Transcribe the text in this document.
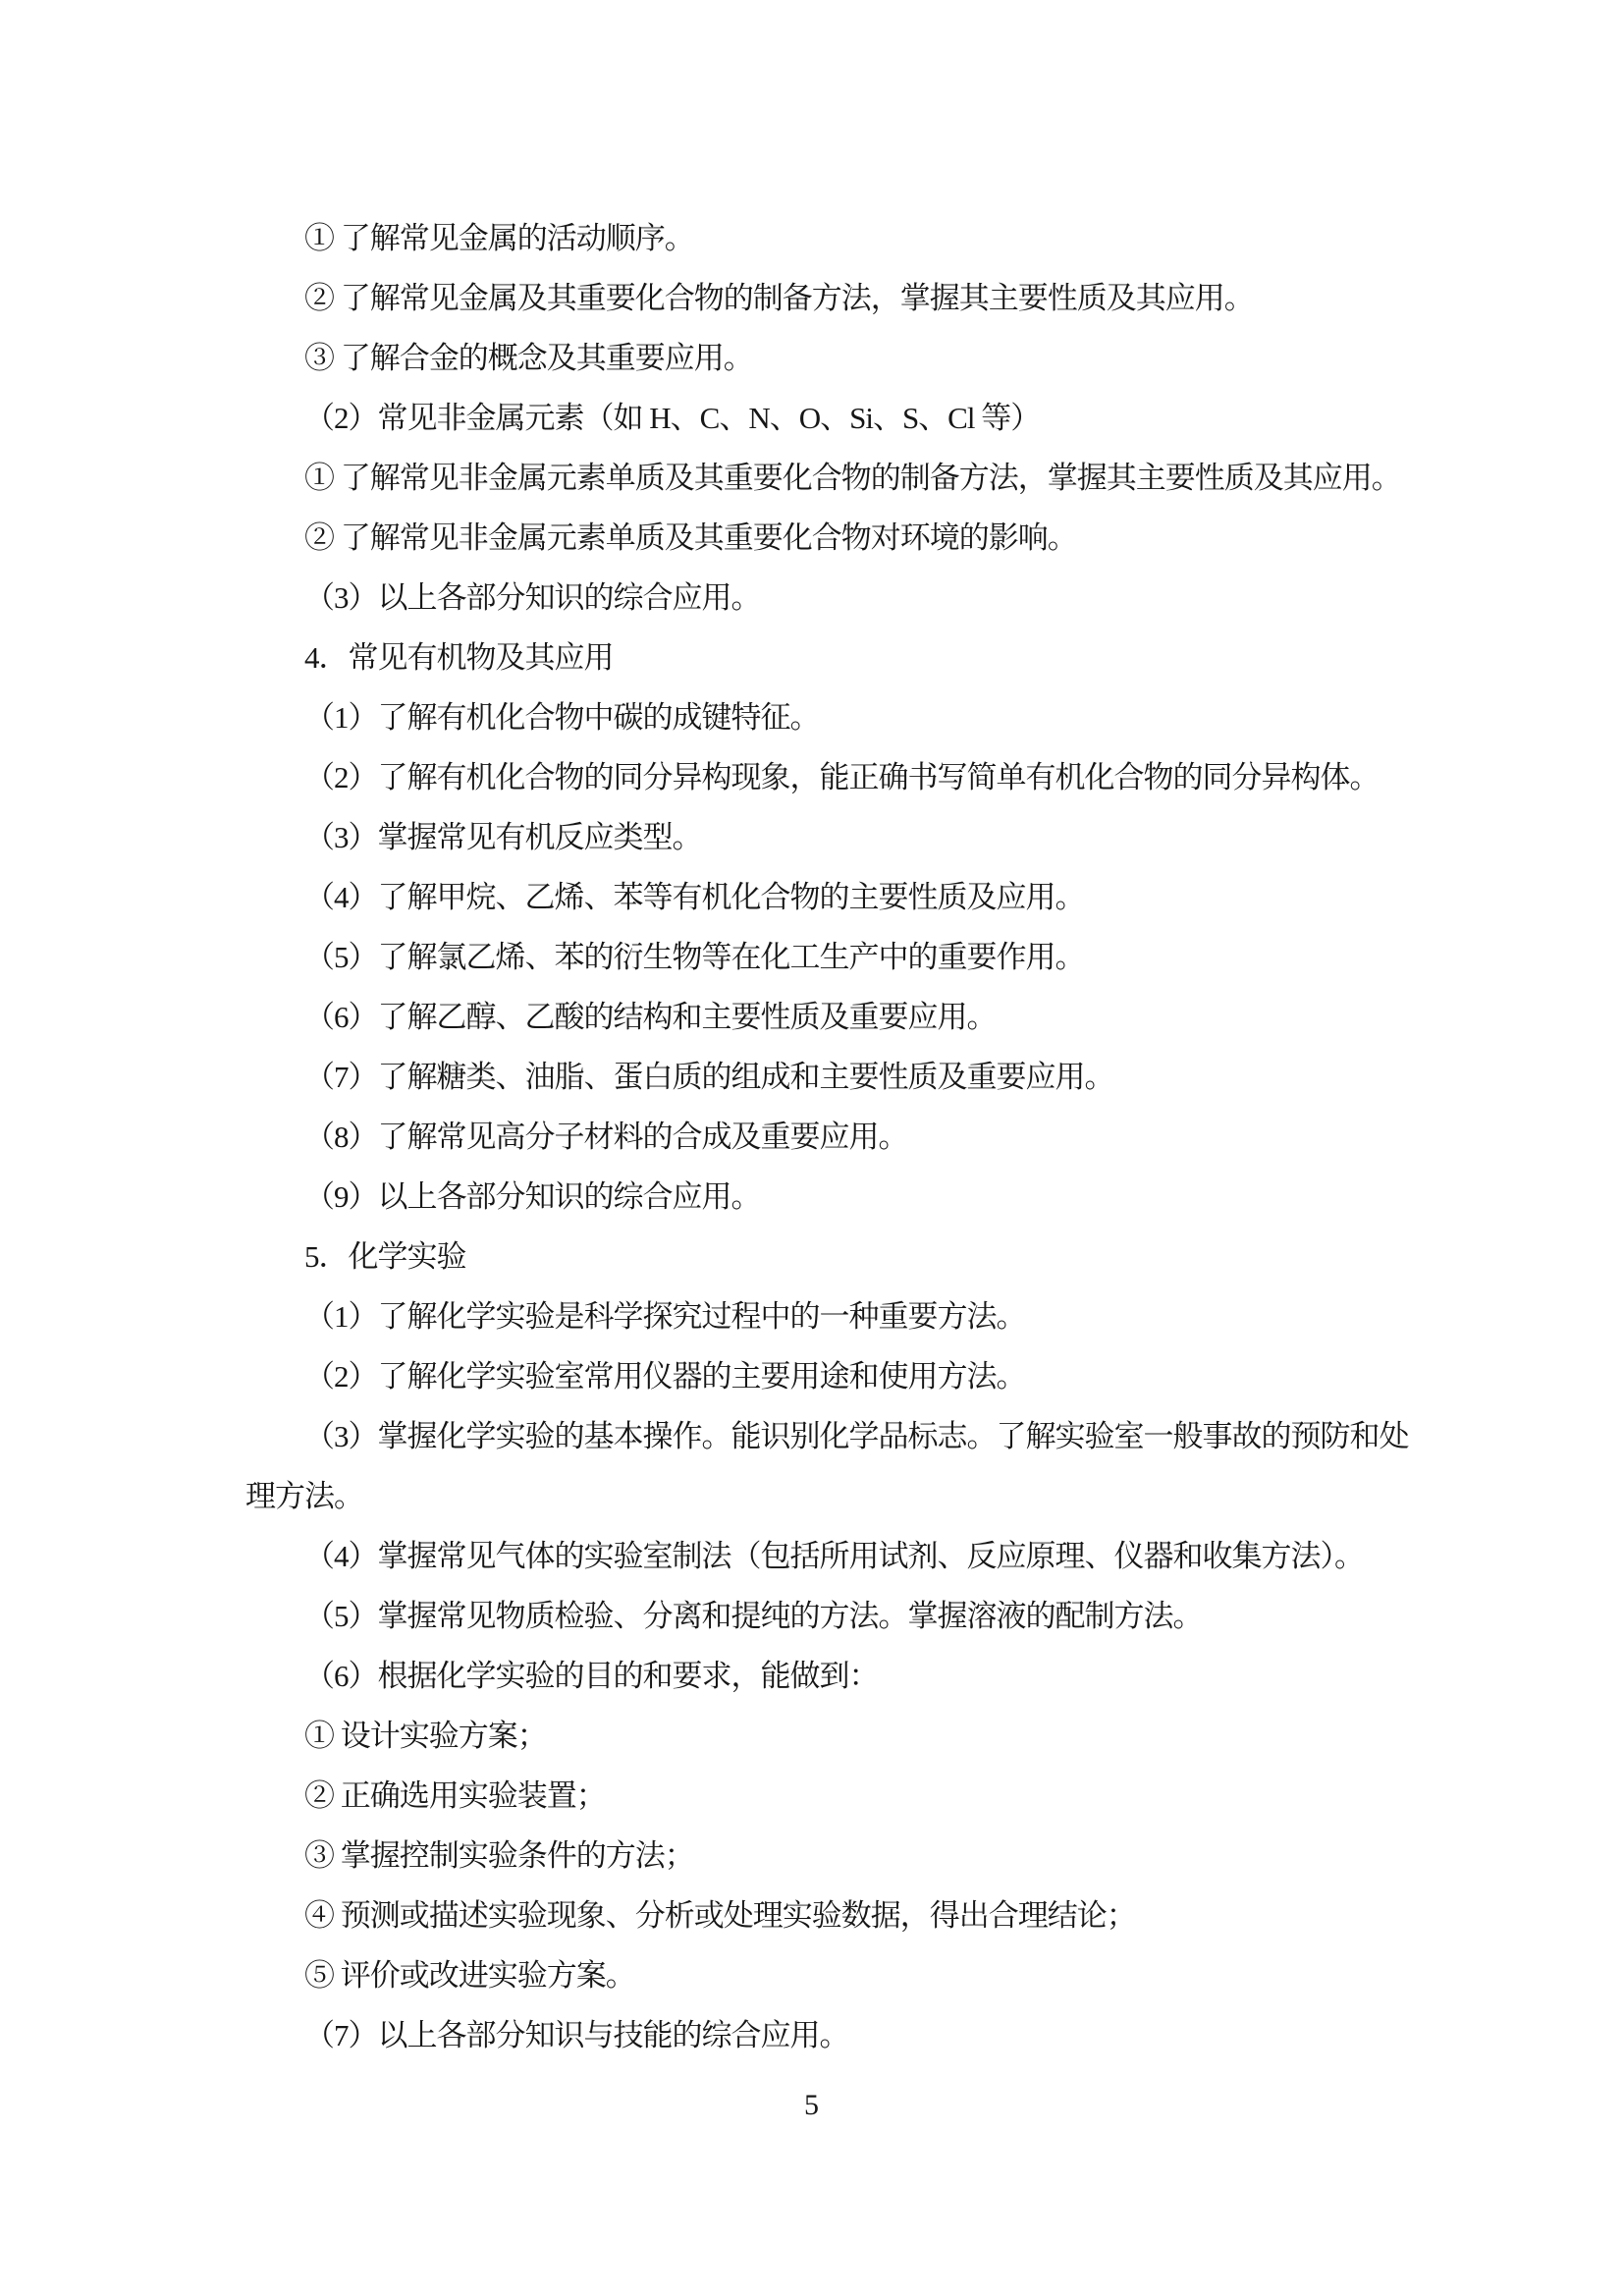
① 了解常见金属的活动顺序。
② 了解常见金属及其重要化合物的制备方法，掌握其主要性质及其应用。
③ 了解合金的概念及其重要应用。
（2）常见非金属元素（如 H、C、N、O、Si、S、Cl 等）
① 了解常见非金属元素单质及其重要化合物的制备方法，掌握其主要性质及其应用。
② 了解常见非金属元素单质及其重要化合物对环境的影响。
（3）以上各部分知识的综合应用。
4．常见有机物及其应用
（1）了解有机化合物中碳的成键特征。
（2）了解有机化合物的同分异构现象，能正确书写简单有机化合物的同分异构体。
（3）掌握常见有机反应类型。
（4）了解甲烷、乙烯、苯等有机化合物的主要性质及应用。
（5）了解氯乙烯、苯的衍生物等在化工生产中的重要作用。
（6）了解乙醇、乙酸的结构和主要性质及重要应用。
（7）了解糖类、油脂、蛋白质的组成和主要性质及重要应用。
（8）了解常见高分子材料的合成及重要应用。
（9）以上各部分知识的综合应用。
5．化学实验
（1）了解化学实验是科学探究过程中的一种重要方法。
（2）了解化学实验室常用仪器的主要用途和使用方法。
（3）掌握化学实验的基本操作。能识别化学品标志。了解实验室一般事故的预防和处
理方法。
（4）掌握常见气体的实验室制法（包括所用试剂、反应原理、仪器和收集方法）。
（5）掌握常见物质检验、分离和提纯的方法。掌握溶液的配制方法。
（6）根据化学实验的目的和要求，能做到：
① 设计实验方案；
② 正确选用实验装置；
③ 掌握控制实验条件的方法；
④ 预测或描述实验现象、分析或处理实验数据，得出合理结论；
⑤ 评价或改进实验方案。
（7）以上各部分知识与技能的综合应用。
5
